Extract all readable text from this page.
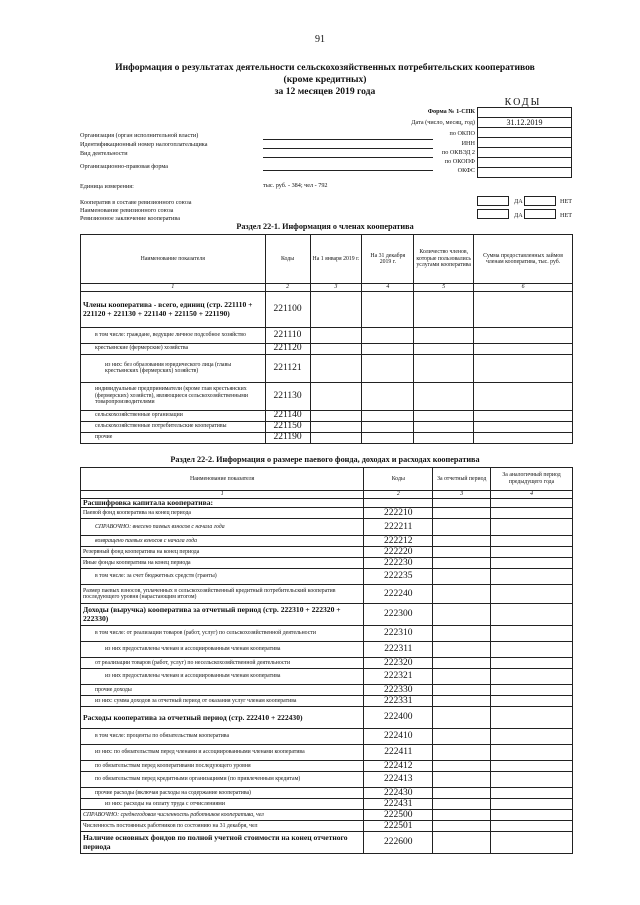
91
Информация о результатах деятельности сельскохозяйственных потребительских кооперативов
(кроме кредитных)
за 12 месяцев 2019 года
КОДЫ
Форма № 1-СПК
Дата (число, месяц, год)
по ОКПО
ИНН
по ОКВЭД 2
по ОКОПФ
ОКФС
31.12.2019
Организация (орган исполнительной власти)
Идентификационный номер налогоплательщика
Вид деятельности
Организационно-правовая форма
Единица измерения:	тыс. руб. - 384; чел - 792
Кооператив в составе ревизионного союза
Наименование ревизионного союза
Ревизионное заключение кооператива
ДА	НЕТ
ДА	НЕТ
Раздел 22-1. Информация о членах кооператива
Наименование показателя	Коды	На 1 января 2019 г.	На 31 декабря 2019 г.	Количество членов, которые пользовались услугами кооператива	Сумма предоставленных займов членам кооператива, тыс. руб.
1	2	3	4	5	6
Члены кооператива - всего, единиц (стр. 221110 + 221120 + 221130 + 221140 + 221150 + 221190)	221100				
в том числе: граждане, ведущие личное подсобное хозяйство	221110				
крестьянские (фермерские) хозяйства	221120				
из них: без образования юридического лица (главы крестьянских (фермерских) хозяйств)	221121				
индивидуальные предприниматели (кроме глав крестьянских (фермерских) хозяйств), являющиеся сельскохозяйственными товаропроизводителями	221130				
сельскохозяйственные организации	221140				
сельскохозяйственные потребительские кооперативы	221150				
прочие	221190				
Раздел 22-2. Информация о размере паевого фонда, доходах и расходах кооператива
Наименование показателя	Коды	За отчетный период	За аналогичный период предыдущего года
1	2	3	4
Расшифровка капитала кооператива:			
Паевой фонд кооператива на конец периода	222210		
СПРАВОЧНО: внесено паевых взносов с начала года	222211		
возвращено паевых взносов с начала года	222212		
Резервный фонд кооператива на конец периода	222220		
Иные фонды кооператива на конец периода	222230		
в том числе: за счет бюджетных средств (гранты)	222235		
Размер паевых взносов, уплаченных в сельскохозяйственный кредитный потребительский кооператив последующего уровня (нарастающим итогом)	222240		
Доходы (выручка) кооператива за отчетный период (стр. 222310 + 222320 + 222330)	222300		
в том числе: от реализации товаров (работ, услуг) по сельскохозяйственной деятельности	222310		
из них предоставлены членам и ассоциированным членам кооператива	222311		
от реализации товаров (работ, услуг) по несельскохозяйственной деятельности	222320		
из них предоставлены членам и ассоциированным членам кооператива	222321		
прочие доходы	222330		
из них: сумма доходов за отчетный период от оказания услуг членам кооператива	222331		
Расходы кооператива за отчетный период (стр. 222410 + 222430)	222400		
в том числе: проценты по обязательствам кооператива	222410		
из них: по обязательствам перед членами и ассоциированными членами кооператива	222411		
по обязательствам перед кооперативами последующего уровня	222412		
по обязательствам перед кредитными организациями (по привлеченным кредитам)	222413		
прочие расходы (включая расходы на содержание кооператива)	222430		
из них: расходы на оплату труда с отчислениями	222431		
СПРАВОЧНО: среднегодовая численность работников кооператива, чел	222500		
Численность постоянных работников по состоянию на 31 декабря, чел	222501		
Наличие основных фондов по полной учетной стоимости на конец отчетного периода	222600		
